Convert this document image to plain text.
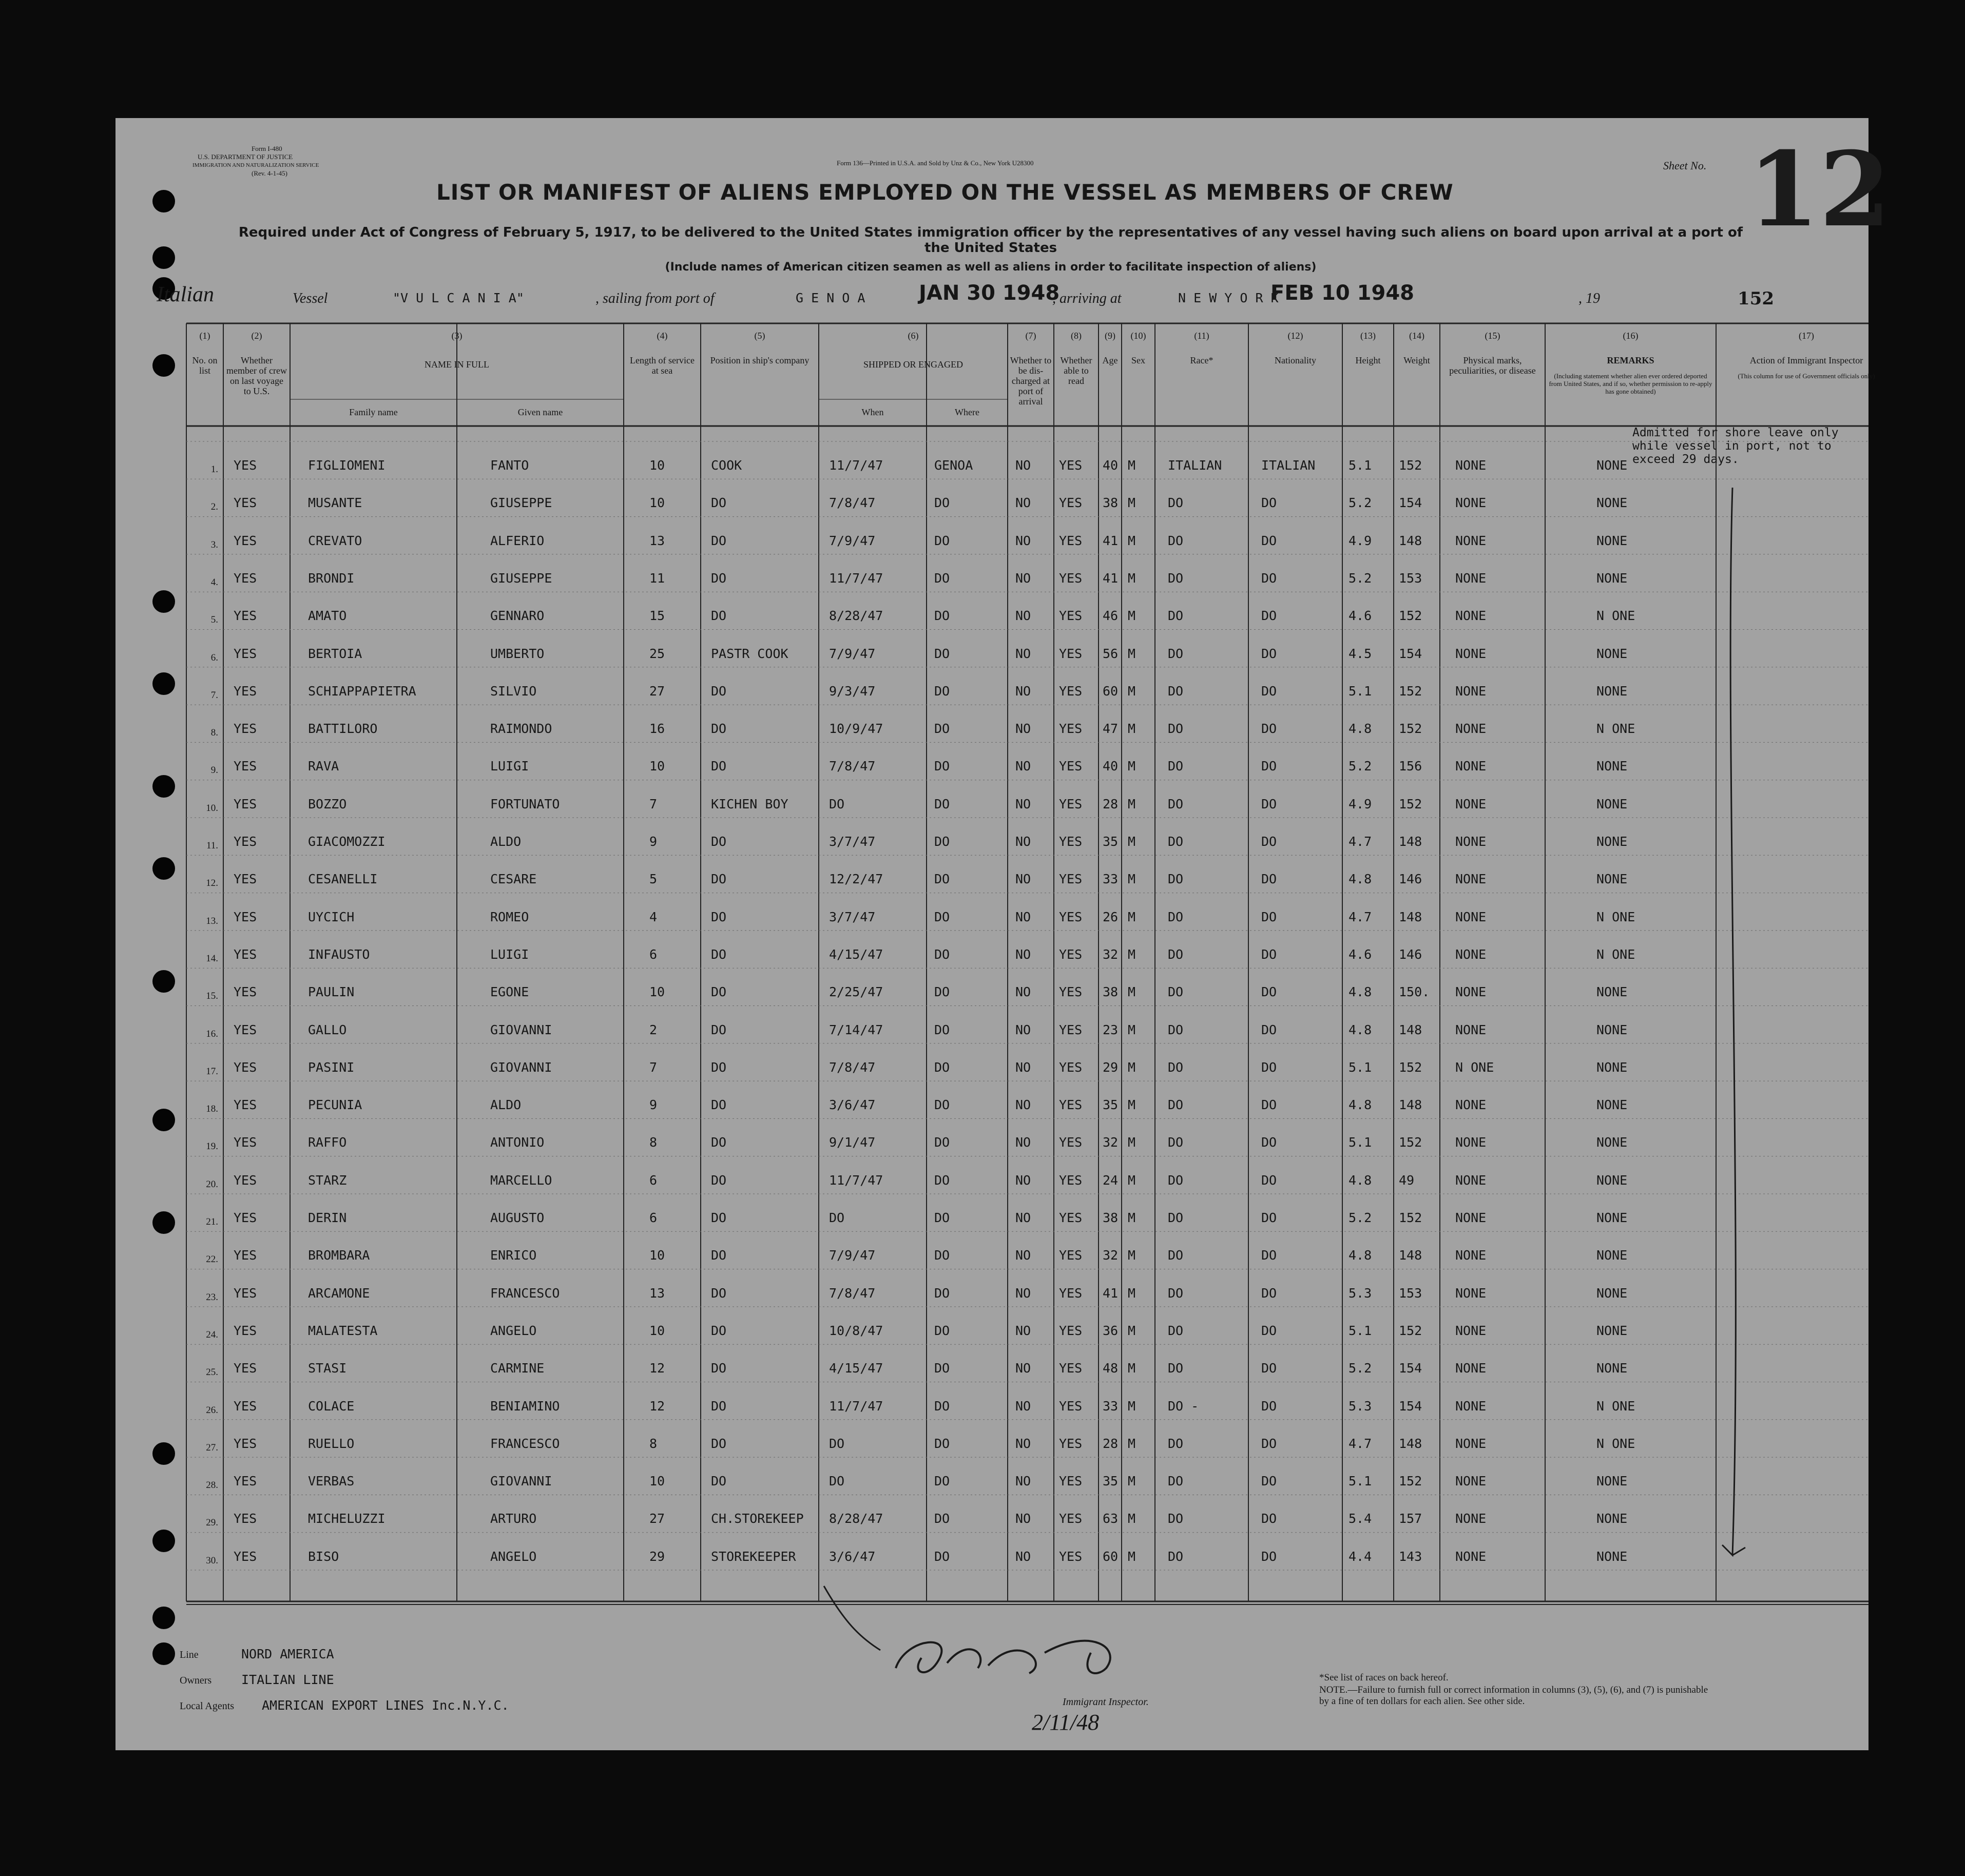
Form I-480
U.S. DEPARTMENT OF JUSTICE
IMMIGRATION AND NATURALIZATION SERVICE
(Rev. 4-1-45)
Form 136—Printed in U.S.A. and Sold by Unz & Co., New York U28300	Sheet No. 12
LIST OR MANIFEST OF ALIENS EMPLOYED ON THE VESSEL AS MEMBERS OF CREW
Required under Act of Congress of February 5, 1917, to be delivered to the United States immigration officer by the representatives of any vessel having such aliens on board upon arrival at a port of the United States
(Include names of American citizen seamen as well as aliens in order to facilitate inspection of aliens)
Italian	Vessel	"V U L C A N I A"	, sailing from port of	G E N O A	JAN 30 1948
, arriving at	N E W Y O R K
FEB 10 1948	, 19	152
(1)
No. on list
(2)
Whether member of crew on last voyage to U.S.
(3)
NAME IN FULL
Family name	Given name
(4)
Length of service at sea
(5)
Position in ship's company
(6)
SHIPPED OR ENGAGED
When	Where
(7)
Whether to be dis-charged at port of arrival
(8)
Whether able to read
(9)
Age
(10)
Sex
(11)
Race*
(12)
Nationality
(13)
Height
(14)
Weight
(15)
Physical marks, peculiarities, or disease
(16)
REMARKS
(Including statement whether alien ever ordered deported from United States, and if so, whether permission to re-apply has gone obtained)
(17)
Action of Immigrant Inspector
(This column for use of Government officials only)
1. YES	FIGLIOMENI	FANTO	10	COOK	11/7/47	GENOA	NO YES 40 M	ITALIAN	ITALIAN	5.1 152	NONE	NONE
2. YES	MUSANTE	GIUSEPPE	10	DO	7/8/47	DO	NO YES 38 M	DO	DO	5.2 154	NONE	NONE
3. YES	CREVATO	ALFERIO	13	DO	7/9/47	DO	NO YES 41 M	DO	DO	4.9 148	NONE	NONE
4. YES	BRONDI	GIUSEPPE	11	DO	11/7/47	DO	NO YES 41 M	DO	DO	5.2 153	NONE	NONE
5. YES	AMATO	GENNARO	15	DO	8/28/47	DO	NO YES 46 M	DO	DO	4.6 152	NONE	N ONE
6. YES	BERTOIA	UMBERTO	25	PASTR COOK	7/9/47	DO	NO YES 56 M	DO	DO	4.5 154	NONE	NONE
7. YES	SCHIAPPAPIETRA	SILVIO	27	DO	9/3/47	DO	NO YES 60 M	DO	DO	5.1 152	NONE	NONE
8. YES	BATTILORO	RAIMONDO	16	DO	10/9/47	DO	NO YES 47 M	DO	DO	4.8 152	NONE	N ONE
9. YES	RAVA	LUIGI	10	DO	7/8/47	DO	NO YES 40 M	DO	DO	5.2 156	NONE	NONE
10. YES	BOZZO	FORTUNATO	7	KICHEN BOY	DO	DO	NO YES 28 M	DO	DO	4.9 152	NONE	NONE
11. YES	GIACOMOZZI	ALDO	9	DO	3/7/47	DO	NO YES 35 M	DO	DO	4.7 148	NONE	NONE
12. YES	CESANELLI	CESARE	5	DO	12/2/47	DO	NO YES 33 M	DO	DO	4.8 146	NONE	NONE
13. YES	UYCICH	ROMEO	4	DO	3/7/47	DO	NO YES 26 M	DO	DO	4.7 148	NONE	N ONE
14. YES	INFAUSTO	LUIGI	6	DO	4/15/47	DO	NO YES 32 M	DO	DO	4.6 146	NONE	N ONE
15. YES	PAULIN	EGONE	10	DO	2/25/47	DO	NO YES 38 M	DO	DO	4.8 150. NONE	NONE
16. YES	GALLO	GIOVANNI	2	DO	7/14/47	DO	NO YES 23 M	DO	DO	4.8 148	NONE	NONE
17. YES	PASINI	GIOVANNI	7	DO	7/8/47	DO	NO YES 29 M	DO	DO	5.1 152	N ONE	NONE
18. YES	PECUNIA	ALDO	9	DO	3/6/47	DO	NO YES 35 M	DO	DO	4.8 148	NONE	NONE
19. YES	RAFFO	ANTONIO	8	DO	9/1/47	DO	NO YES 32 M	DO	DO	5.1 152	NONE	NONE
20. YES	STARZ	MARCELLO	6	DO	11/7/47	DO	NO YES 24 M	DO	DO	4.8 49	NONE	NONE
21. YES	DERIN	AUGUSTO	6	DO	DO	DO	NO YES 38 M	DO	DO	5.2 152	NONE	NONE
22. YES	BROMBARA	ENRICO	10	DO	7/9/47	DO	NO YES 32 M	DO	DO	4.8 148	NONE	NONE
23. YES	ARCAMONE	FRANCESCO	13	DO	7/8/47	DO	NO YES 41 M	DO	DO	5.3 153	NONE	NONE
24. YES	MALATESTA	ANGELO	10	DO	10/8/47	DO	NO YES 36 M	DO	DO	5.1 152	NONE	NONE
25. YES	STASI	CARMINE	12	DO	4/15/47	DO	NO YES 48 M	DO	DO	5.2 154	NONE	NONE
26. YES	COLACE	BENIAMINO	12	DO	11/7/47	DO	NO YES 33 M	DO -	DO	5.3 154	NONE	N ONE
27. YES	RUELLO	FRANCESCO	8	DO	DO	DO	NO YES 28 M	DO	DO	4.7 148	NONE	N ONE
28. YES	VERBAS	GIOVANNI	10	DO	DO	DO	NO YES 35 M	DO	DO	5.1 152	NONE	NONE
29. YES	MICHELUZZI	ARTURO	27	CH.STOREKEEP 8/28/47	DO	NO YES 63 M	DO	DO	5.4 157	NONE	NONE
30. YES	BISO	ANGELO	29	STOREKEEPER	3/6/47	DO	NO YES 60 M	DO	DO	4.4 143	NONE	NONE
Admitted for shore leave only while vessel in port, not to exceed 29 days.
Line	NORD AMERICA
Owners ITALIAN LINE
Local Agents AMERICAN EXPORT LINES Inc.N.Y.C.	Immigrant Inspector.
2/11/48
*See list of races on back hereof.
NOTE.—Failure to furnish full or correct information in columns (3), (5), (6), and (7) is punishable by a fine of ten dollars for each alien. See other side.
